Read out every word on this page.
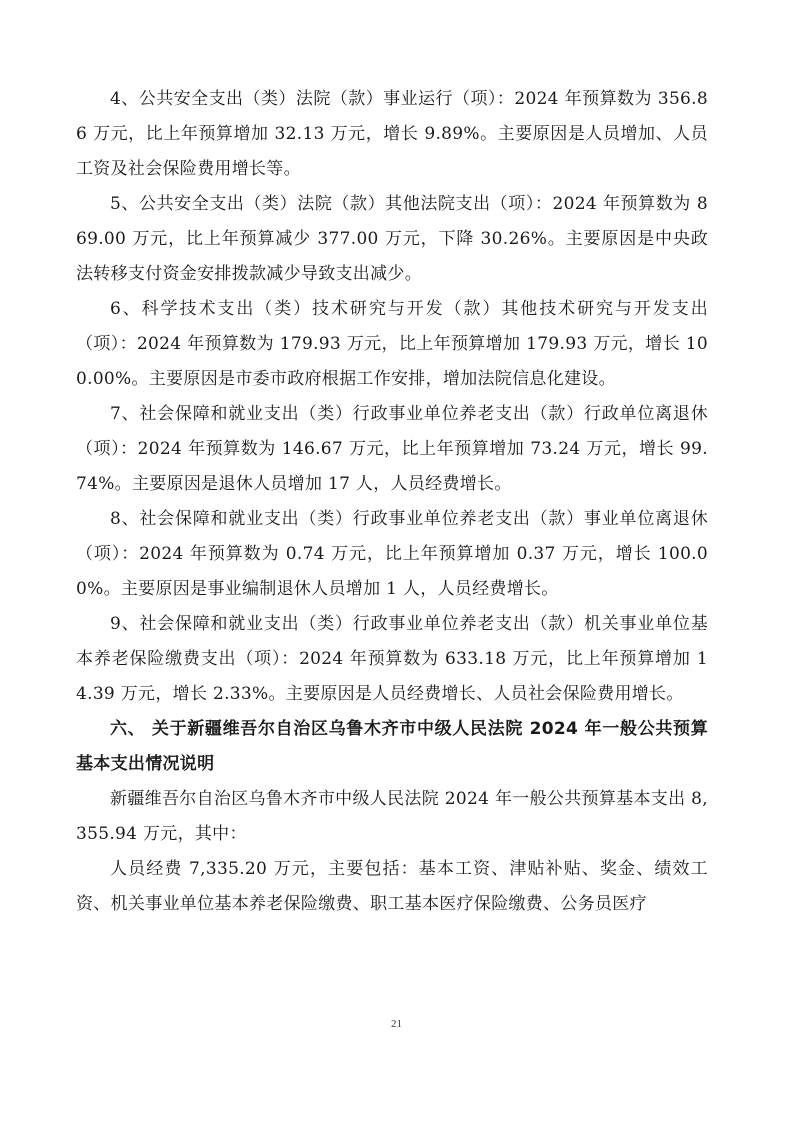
4、公共安全支出（类）法院（款）事业运行（项）：2024 年预算数为 356.86 万元，比上年预算增加 32.13 万元，增长 9.89%。主要原因是人员增加、人员工资及社会保险费用增长等。

5、公共安全支出（类）法院（款）其他法院支出（项）：2024 年预算数为 869.00 万元，比上年预算减少 377.00 万元，下降 30.26%。主要原因是中央政法转移支付资金安排拨款减少导致支出减少。

6、科学技术支出（类）技术研究与开发（款）其他技术研究与开发支出（项）：2024 年预算数为 179.93 万元，比上年预算增加 179.93 万元，增长 100.00%。主要原因是市委市政府根据工作安排，增加法院信息化建设。

7、社会保障和就业支出（类）行政事业单位养老支出（款）行政单位离退休（项）：2024 年预算数为 146.67 万元，比上年预算增加 73.24 万元，增长 99.74%。主要原因是退休人员增加 17 人，人员经费增长。

8、社会保障和就业支出（类）行政事业单位养老支出（款）事业单位离退休（项）：2024 年预算数为 0.74 万元，比上年预算增加 0.37 万元，增长 100.00%。主要原因是事业编制退休人员增加 1 人，人员经费增长。

9、社会保障和就业支出（类）行政事业单位养老支出（款）机关事业单位基本养老保险缴费支出（项）：2024 年预算数为 633.18 万元，比上年预算增加 14.39 万元，增长 2.33%。主要原因是人员经费增长、人员社会保险费用增长。

六、 关于新疆维吾尔自治区乌鲁木齐市中级人民法院 2024 年一般公共预算基本支出情况说明

新疆维吾尔自治区乌鲁木齐市中级人民法院 2024 年一般公共预算基本支出 8,355.94 万元，其中：

人员经费 7,335.20 万元，主要包括：基本工资、津贴补贴、奖金、绩效工资、机关事业单位基本养老保险缴费、职工基本医疗保险缴费、公务员医疗

21
